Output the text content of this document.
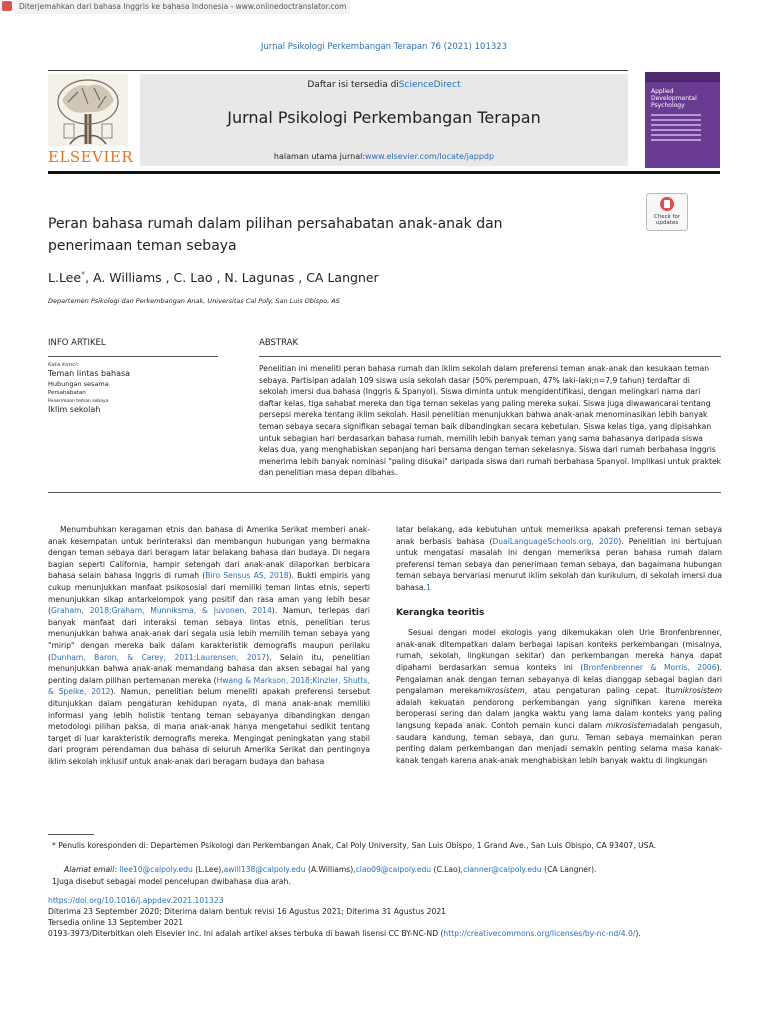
Diterjemahkan dari bahasa Inggris ke bahasa Indonesia - www.onlinedoctranslator.com
Jurnal Psikologi Perkembangan Terapan 76 (2021) 101323
ELSEVIER
Daftar isi tersedia diScienceDirect
Jurnal Psikologi Perkembangan Terapan
halaman utama jurnal:www.elsevier.com/locate/jappdp
Applied Developmental Psychology
Check for updates
Peran bahasa rumah dalam pilihan persahabatan anak-anak dan
penerimaan teman sebaya
L.Lee*, A. Williams , C. Lao , N. Lagunas , CA Langner
Departemen Psikologi dan Perkembangan Anak, Universitas Cal Poly, San Luis Obispo, AS
INFO ARTIKEL	ABSTRAK
Kata kunci:
Teman lintas bahasa
Hubungan sesama
Persahabatan
Penerimaan teman sebaya
Iklim sekolah
Penelitian ini meneliti peran bahasa rumah dan iklim sekolah dalam preferensi teman anak-anak dan kesukaan teman sebaya. Partisipan adalah 109 siswa usia sekolah dasar (50% perempuan, 47% laki-laki;n=7,9 tahun) terdaftar di sekolah imersi dua bahasa (Inggris & Spanyol). Siswa diminta untuk mengidentifikasi, dengan melingkari nama dari daftar kelas, tiga sahabat mereka dan tiga teman sekelas yang paling mereka sukai. Siswa juga diwawancarai tentang persepsi mereka tentang iklim sekolah. Hasil penelitian menunjukkan bahwa anak-anak menominasikan lebih banyak teman sebaya secara signifikan sebagai teman baik dibandingkan secara kebetulan. Siswa kelas tiga, yang dipisahkan untuk sebagian hari berdasarkan bahasa rumah, memilih lebih banyak teman yang sama bahasanya daripada siswa kelas dua, yang menghabiskan sepanjang hari bersama dengan teman sekelasnya. Siswa dari rumah berbahasa Inggris menerima lebih banyak nominasi "paling disukai" daripada siswa dari rumah berbahasa Spanyol. Implikasi untuk praktek dan penelitian masa depan dibahas.

Menumbuhkan keragaman etnis dan bahasa di Amerika Serikat memberi anak-anak kesempatan untuk berinteraksi dan membangun hubungan yang bermakna dengan teman sebaya dari beragam latar belakang bahasa dan budaya. Di negara bagian seperti California, hampir setengah dari anak-anak dilaporkan berbicara bahasa selain bahasa Inggris di rumah (Biro Sensus AS, 2018). Bukti empiris yang cukup menunjukkan manfaat psikososial dari memiliki teman lintas etnis, seperti menunjukkan sikap antarkelompok yang positif dan rasa aman yang lebih besar (Graham, 2018;Graham, Munniksma, & Juvonen, 2014). Namun, terlepas dari banyak manfaat dari interaksi teman sebaya lintas etnis, penelitian terus menunjukkan bahwa anak-anak dari segala usia lebih memilih teman sebaya yang "mirip" dengan mereka baik dalam karakteristik demografis maupun perilaku (Dunham, Baron, & Carey, 2011;Laurensen, 2017). Selain itu, penelitian menunjukkan bahwa anak-anak memandang bahasa dan aksen sebagai hal yang penting dalam pilihan pertemanan mereka (Hwang & Markson, 2018;Kinzler, Shutts, & Spelke, 2012). Namun, penelitian belum meneliti apakah preferensi tersebut ditunjukkan dalam pengaturan kehidupan nyata, di mana anak-anak memiliki informasi yang lebih holistik tentang teman sebayanya dibandingkan dengan metodologi pilihan paksa, di mana anak-anak hanya mengetahui sedikit tentang target di luar karakteristik demografis mereka. Mengingat peningkatan yang stabil dari program perendaman dua bahasa di seluruh Amerika Serikat dan pentingnya iklim sekolah inklusif untuk anak-anak dari beragam budaya dan bahasa

latar belakang, ada kebutuhan untuk memeriksa apakah preferensi teman sebaya anak berbasis bahasa (DualLanguageSchools.org, 2020). Penelitian ini bertujuan untuk mengatasi masalah ini dengan memeriksa peran bahasa rumah dalam preferensi teman sebaya dan penerimaan teman sebaya, dan bagaimana hubungan teman sebaya bervariasi menurut iklim sekolah dan kurikulum, di sekolah imersi dua bahasa.1

Kerangka teoritis

Sesuai dengan model ekologis yang dikemukakan oleh Urie Bronfenbrenner, anak-anak ditempatkan dalam berbagai lapisan konteks perkembangan (misalnya, rumah, sekolah, lingkungan sekitar) dan perkembangan mereka hanya dapat dipahami berdasarkan semua konteks ini (Bronfenbrenner & Morris, 2006). Pengalaman anak dengan teman sebayanya di kelas dianggap sebagai bagian dari pengalaman merekamikrosistem, atau pengaturan paling cepat. Itumikrosistem adalah kekuatan pendorong perkembangan yang signifikan karena mereka beroperasi sering dan dalam jangka waktu yang lama dalam konteks yang paling langsung kepada anak. Contoh pemain kunci dalam mikrosistemadalah pengasuh, saudara kandung, teman sebaya, dan guru. Teman sebaya memainkan peran penting dalam perkembangan dan menjadi semakin penting selama masa kanak-kanak tengah karena anak-anak menghabiskan lebih banyak waktu di lingkungan

* Penulis koresponden di: Departemen Psikologi dan Perkembangan Anak, Cal Poly University, San Luis Obispo, 1 Grand Ave., San Luis Obispo, CA 93407, USA.

Alamat email: llee10@calpoly.edu (L.Lee),awill138@calpoly.edu (A.Williams),clao09@calpoly.edu (C.Lao),clanner@calpoly.edu (CA Langner).

1Juga disebut sebagai model pencelupan dwibahasa dua arah.

https://doi.org/10.1016/j.appdev.2021.101323

Diterima 23 September 2020; Diterima dalam bentuk revisi 16 Agustus 2021; Diterima 31 Agustus 2021

Tersedia online 13 September 2021

0193-3973/Diterbitkan oleh Elsevier Inc. Ini adalah artikel akses terbuka di bawah lisensi CC BY-NC-ND (http://creativecommons.org/licenses/by-nc-nd/4.0/).
